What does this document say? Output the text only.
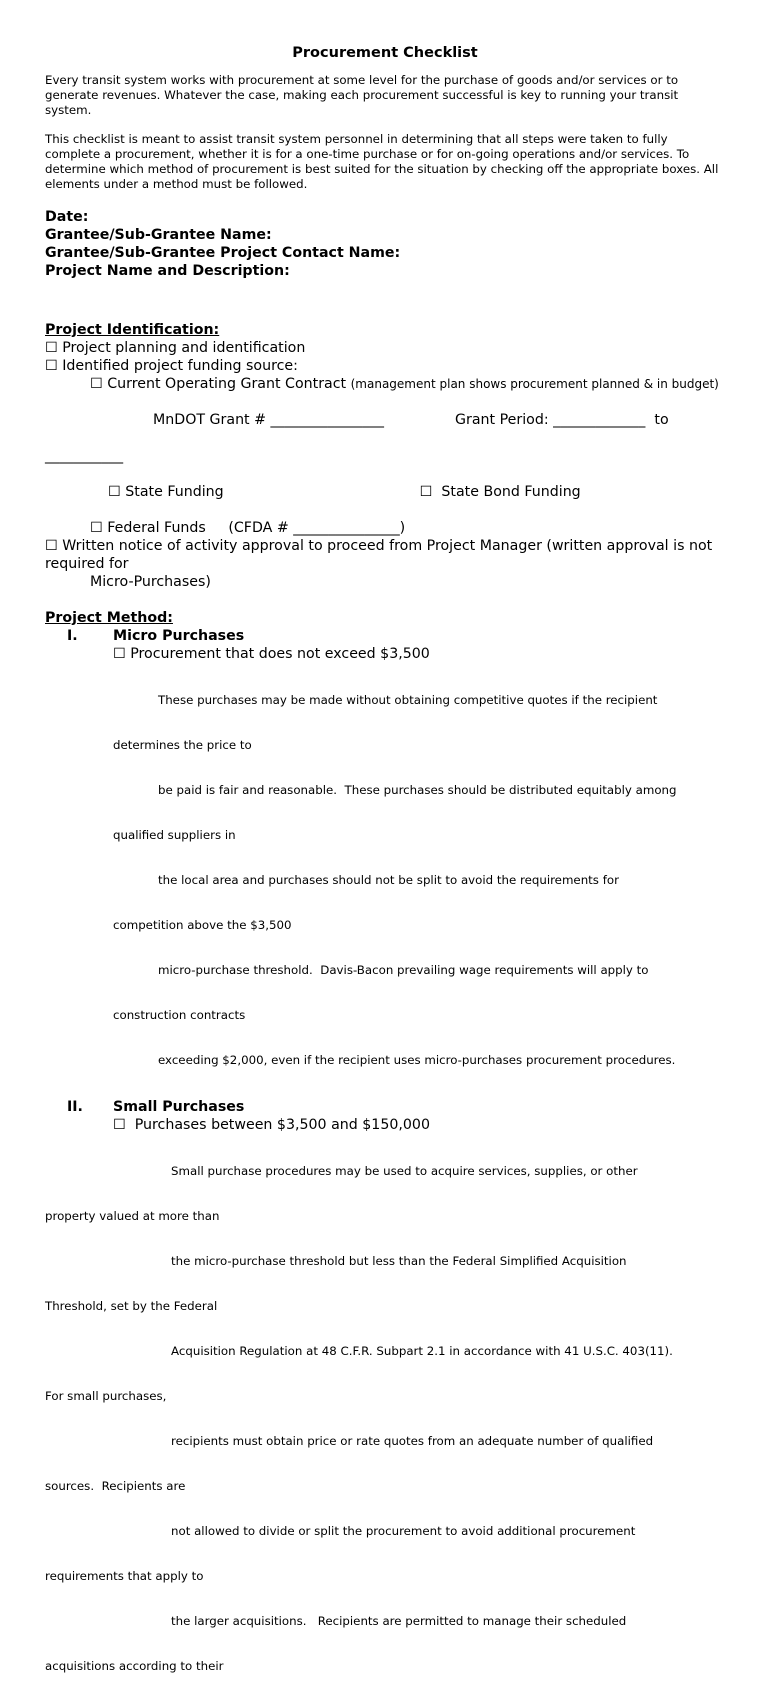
Procurement Checklist

Every transit system works with procurement at some level for the purchase of goods and/or services or to generate revenues. Whatever the case, making each procurement successful is key to running your transit system.

This checklist is meant to assist transit system personnel in determining that all steps were taken to fully complete a procurement, whether it is for a one-time purchase or for on-going operations and/or services. To determine which method of procurement is best suited for the situation by checking off the appropriate boxes. All elements under a method must be followed.

Date:
Grantee/Sub-Grantee Name:
Grantee/Sub-Grantee Project Contact Name:
Project Name and Description:
Project Identification:
☐ Project planning and identification
☐ Identified project funding source:
☐ Current Operating Grant Contract (management plan shows procurement planned & in budget)

MnDOT Grant # ________________	Grant Period: _____________  to

___________

☐ State Funding	☐  State Bond Funding

☐ Federal Funds     (CFDA # _______________)
☐ Written notice of activity approval to proceed from Project Manager (written approval is not required for
Micro-Purchases)
Project Method:
I. Micro Purchases
☐ Procurement that does not exceed $3,500

These purchases may be made without obtaining competitive quotes if the recipient

determines the price to

be paid is fair and reasonable.  These purchases should be distributed equitably among

qualified suppliers in

the local area and purchases should not be split to avoid the requirements for

competition above the $3,500

micro-purchase threshold.  Davis-Bacon prevailing wage requirements will apply to

construction contracts

exceeding $2,000, even if the recipient uses micro-purchases procurement procedures.

II. Small Purchases
☐  Purchases between $3,500 and $150,000

Small purchase procedures may be used to acquire services, supplies, or other

property valued at more than

the micro-purchase threshold but less than the Federal Simplified Acquisition

Threshold, set by the Federal

Acquisition Regulation at 48 C.F.R. Subpart 2.1 in accordance with 41 U.S.C. 403(11).

For small purchases,

recipients must obtain price or rate quotes from an adequate number of qualified

sources.  Recipients are

not allowed to divide or split the procurement to avoid additional procurement

requirements that apply to

the larger acquisitions.   Recipients are permitted to manage their scheduled

acquisitions according to their
